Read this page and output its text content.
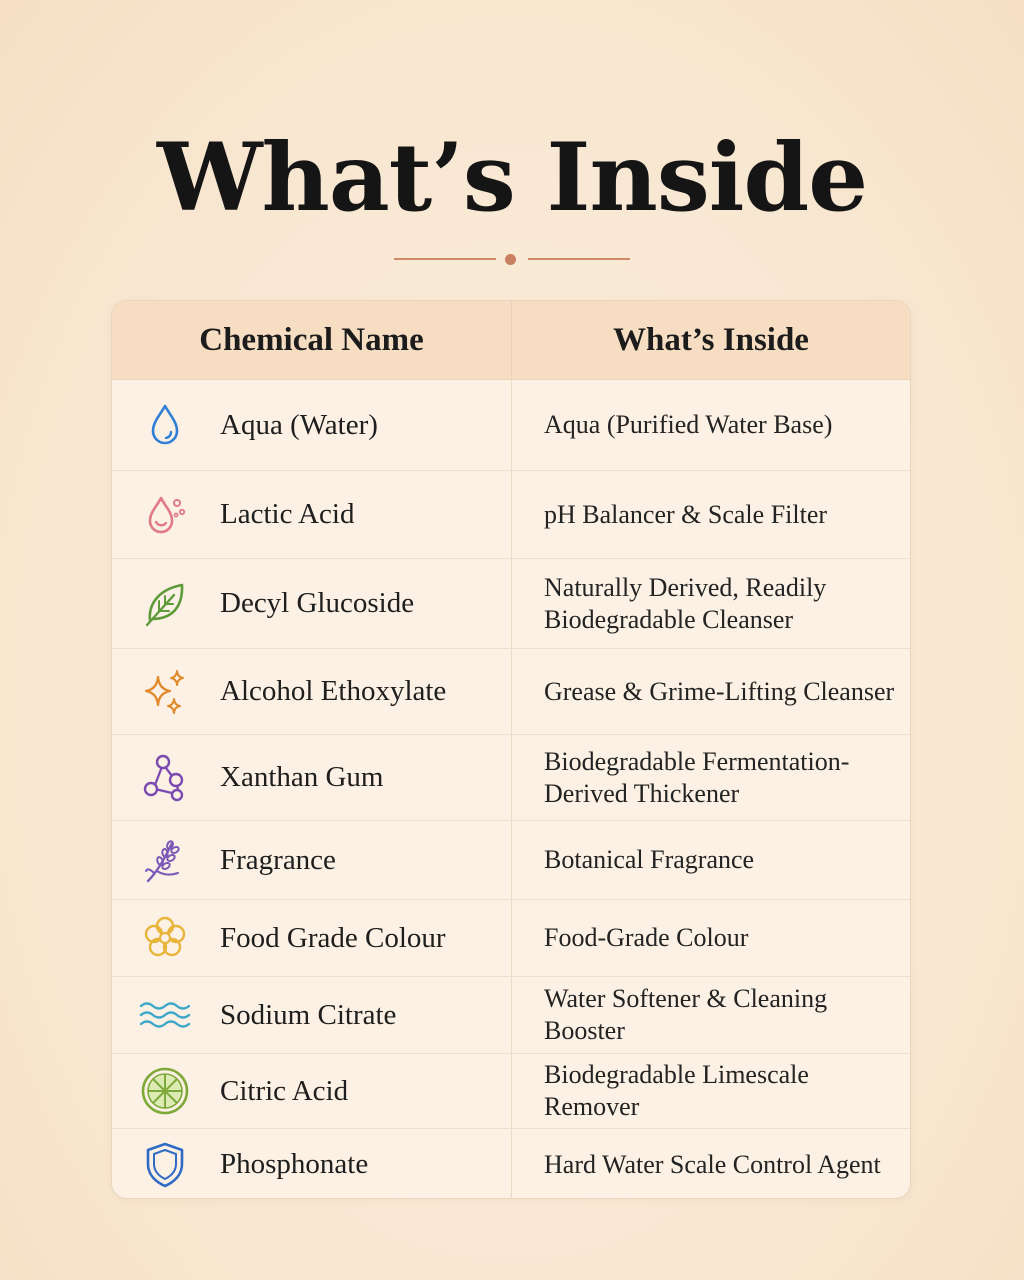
What’s Inside
Chemical Name	What’s Inside
Aqua (Water)	Aqua (Purified Water Base)
Lactic Acid	pH Balancer & Scale Filter
Decyl Glucoside	Naturally Derived, Readily Biodegradable Cleanser
Alcohol Ethoxylate	Grease & Grime-Lifting Cleanser
Xanthan Gum	Biodegradable Fermentation-Derived Thickener
Fragrance	Botanical Fragrance
Food Grade Colour	Food-Grade Colour
Sodium Citrate	Water Softener & Cleaning Booster
Citric Acid	Biodegradable Limescale Remover
Phosphonate	Hard Water Scale Control Agent
